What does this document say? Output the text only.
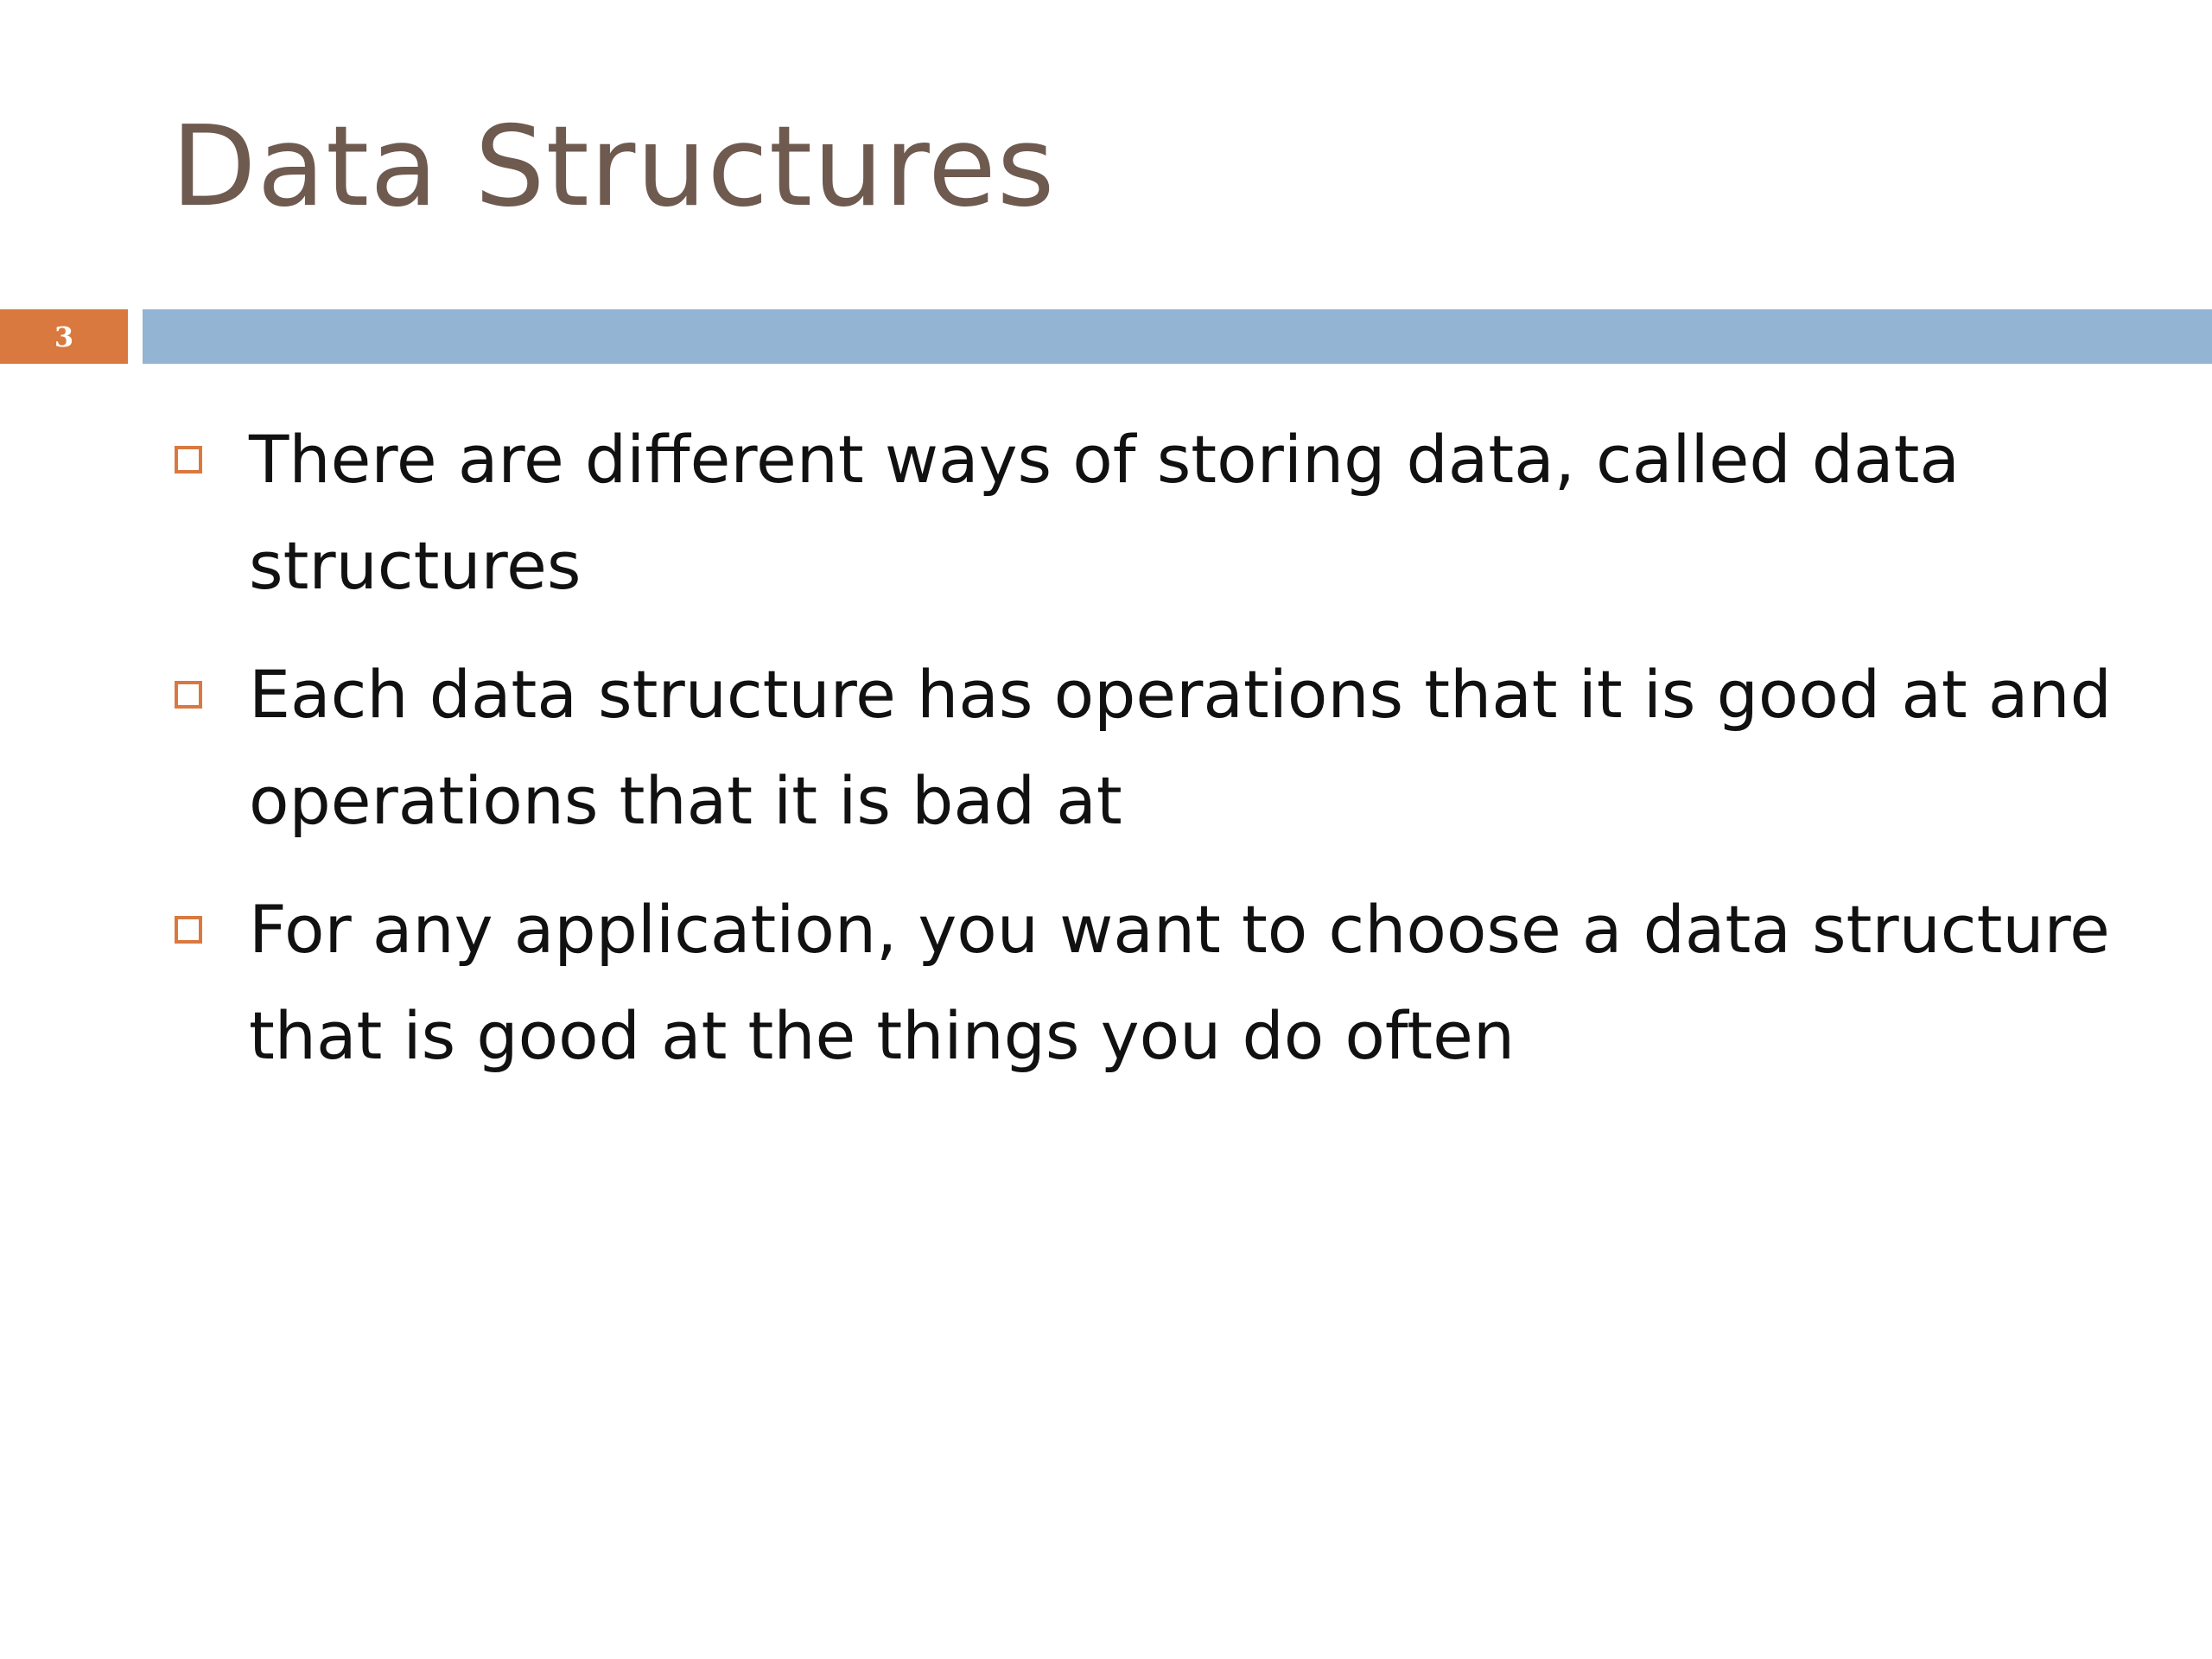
Data Structures
3
There are different ways of storing data, called data structures
Each data structure has operations that it is good at and operations that it is bad at
For any application, you want to choose a data structure that is good at the things you do often
